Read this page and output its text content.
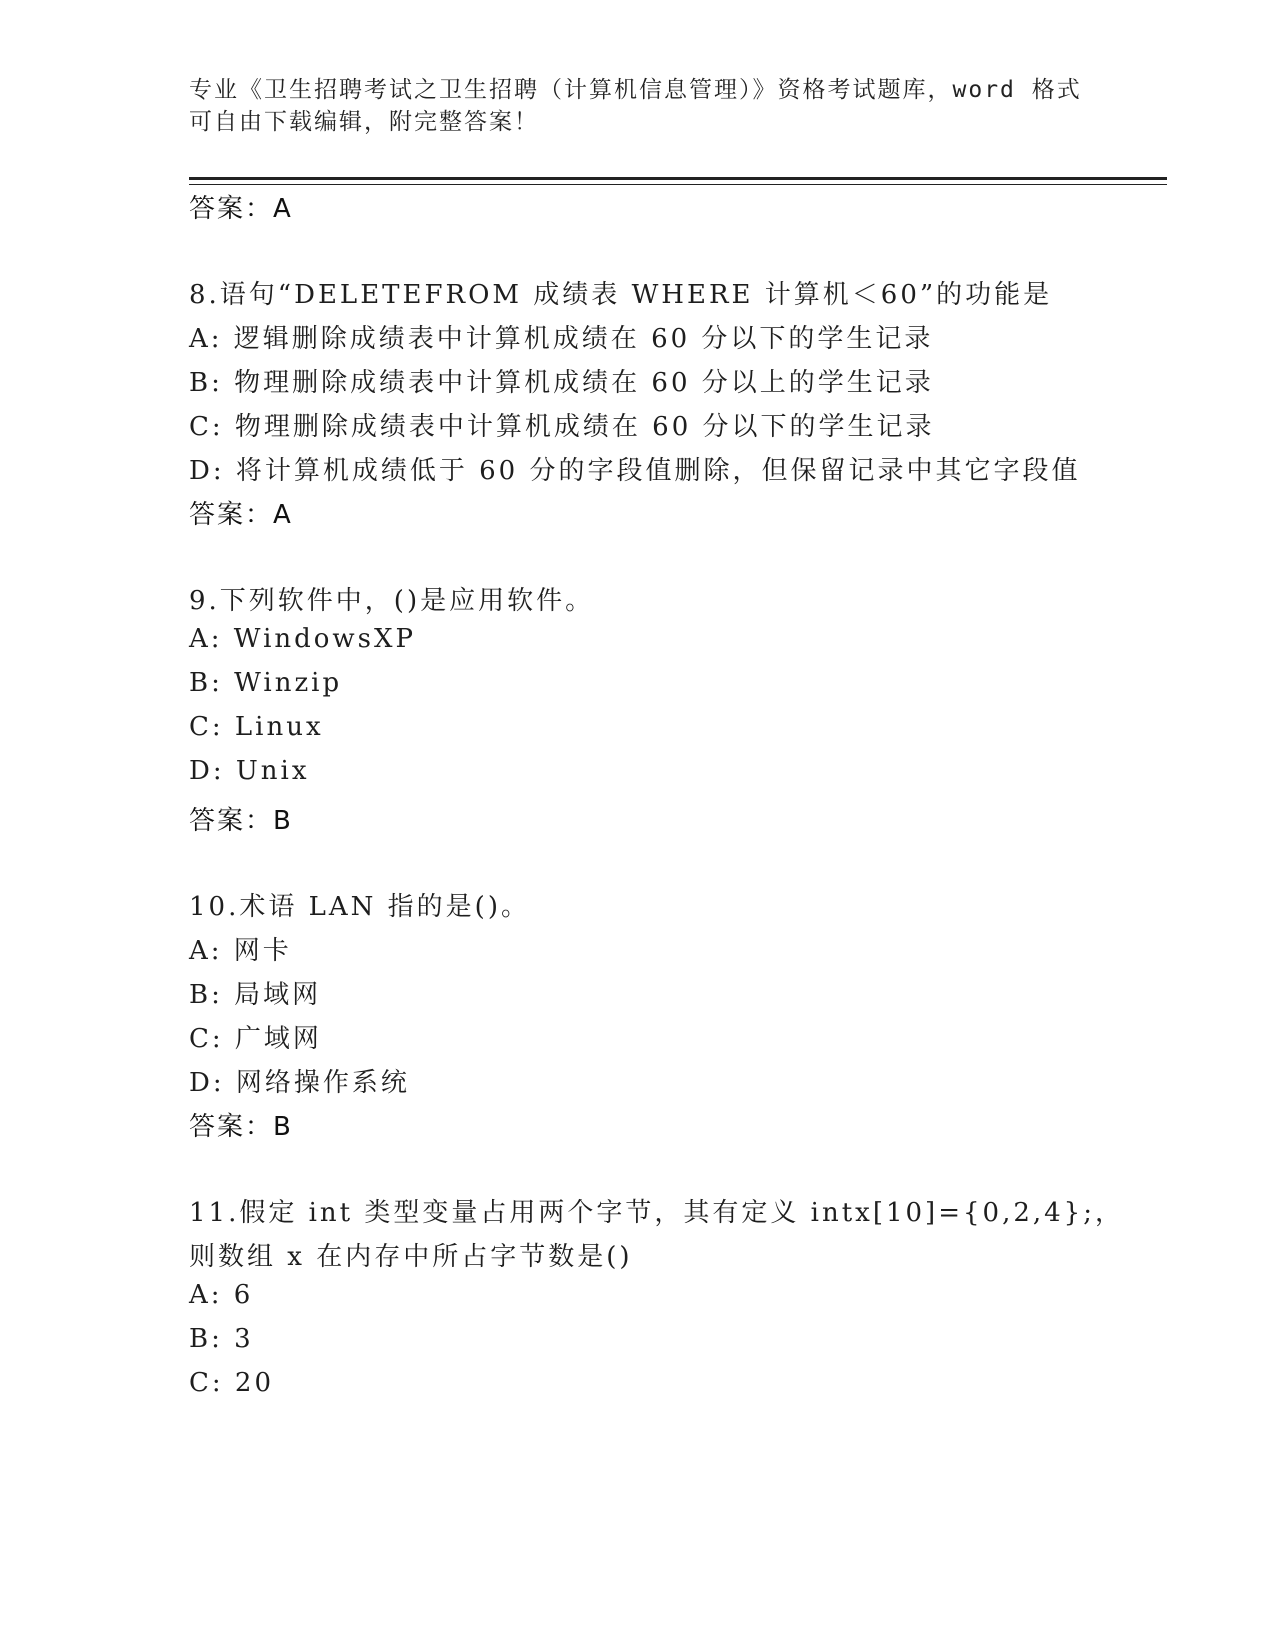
专业《卫生招聘考试之卫生招聘（计算机信息管理）》资格考试题库，word 格式
可自由下载编辑，附完整答案！
答案：A
8.语句“DELETEFROM 成绩表 WHERE 计算机＜60”的功能是
A: 逻辑删除成绩表中计算机成绩在 60 分以下的学生记录
B: 物理删除成绩表中计算机成绩在 60 分以上的学生记录
C: 物理删除成绩表中计算机成绩在 60 分以下的学生记录
D: 将计算机成绩低于 60 分的字段值删除，但保留记录中其它字段值
答案：A
9.下列软件中，()是应用软件。
A: WindowsXP
B: Winzip
C: Linux
D: Unix
答案：B
10.术语 LAN 指的是()。
A: 网卡
B: 局域网
C: 广域网
D: 网络操作系统
答案：B
11.假定 int 类型变量占用两个字节，其有定义 intx[10]={0,2,4};，
则数组 x 在内存中所占字节数是()
A: 6
B: 3
C: 20
